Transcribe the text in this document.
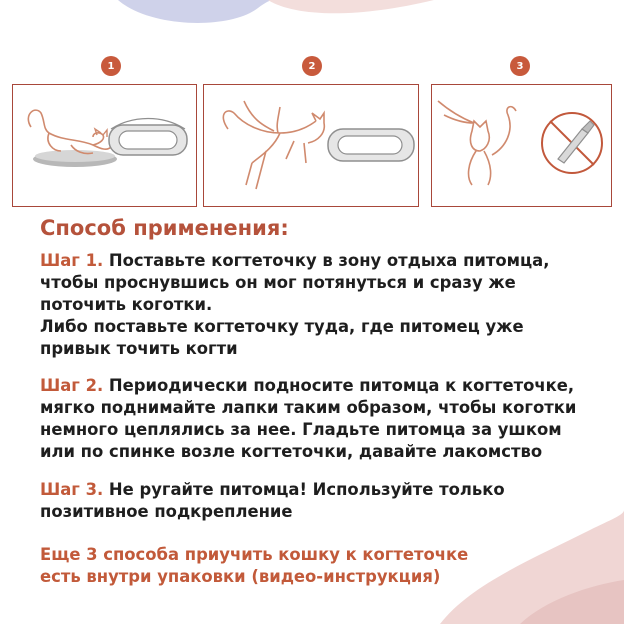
1	2	3
Способ применения:
Шаг 1. Поставьте когтеточку в зону отдыха питомца,
чтобы проснувшись он мог потянуться и сразу же
поточить коготки.
Либо поставьте когтеточку туда, где питомец уже
привык точить когти
Шаг 2. Периодически подносите питомца к когтеточке,
мягко поднимайте лапки таким образом, чтобы коготки
немного цеплялись за нее. Гладьте питомца за ушком
или по спинке возле когтеточки, давайте лакомство
Шаг 3. Не ругайте питомца! Используйте только
позитивное подкрепление
Еще 3 способа приучить кошку к когтеточке
есть внутри упаковки (видео-инструкция)
